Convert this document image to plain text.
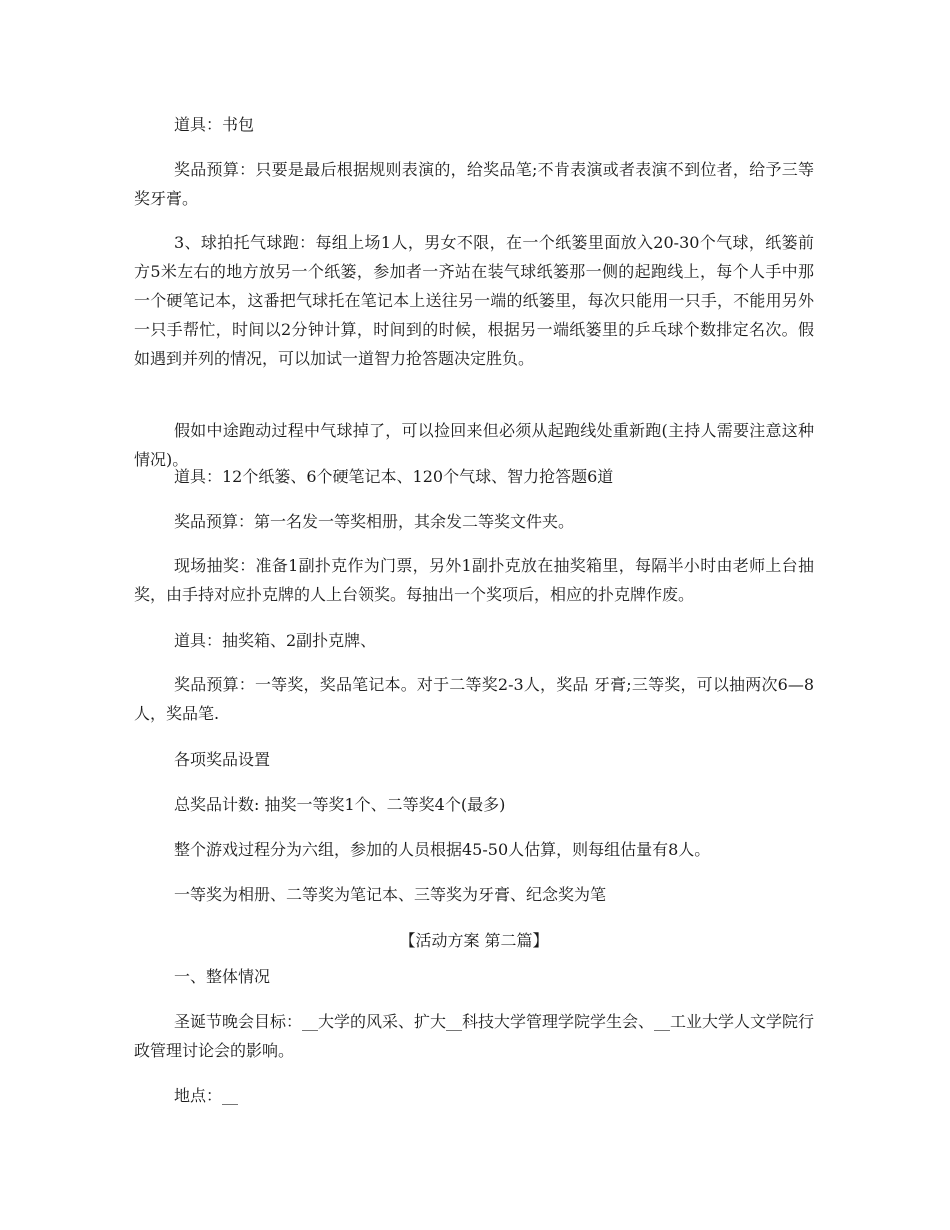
道具：书包

奖品预算：只要是最后根据规则表演的，给奖品笔;不肯表演或者表演不到位者，给予三等奖牙膏。

3、球拍托气球跑：每组上场1人，男女不限，在一个纸篓里面放入20-30个气球，纸篓前方5米左右的地方放另一个纸篓，参加者一齐站在装气球纸篓那一侧的起跑线上，每个人手中那一个硬笔记本，这番把气球托在笔记本上送往另一端的纸篓里，每次只能用一只手，不能用另外一只手帮忙，时间以2分钟计算，时间到的时候，根据另一端纸篓里的乒乓球个数排定名次。假如遇到并列的情况，可以加试一道智力抢答题决定胜负。

假如中途跑动过程中气球掉了，可以捡回来但必须从起跑线处重新跑(主持人需要注意这种情况)。

道具：12个纸篓、6个硬笔记本、120个气球、智力抢答题6道

奖品预算：第一名发一等奖相册，其余发二等奖文件夹。

现场抽奖：准备1副扑克作为门票，另外1副扑克放在抽奖箱里，每隔半小时由老师上台抽奖，由手持对应扑克牌的人上台领奖。每抽出一个奖项后，相应的扑克牌作废。

道具：抽奖箱、2副扑克牌、

奖品预算：一等奖，奖品笔记本。对于二等奖2-3人，奖品 牙膏;三等奖，可以抽两次6—8人，奖品笔.

各项奖品设置

总奖品计数: 抽奖一等奖1个、二等奖4个(最多)

整个游戏过程分为六组，参加的人员根据45-50人估算，则每组估量有8人。

一等奖为相册、二等奖为笔记本、三等奖为牙膏、纪念奖为笔

【活动方案 第二篇】

一、整体情况

圣诞节晚会目标：__大学的风采、扩大__科技大学管理学院学生会、__工业大学人文学院行政管理讨论会的影响。

地点：__
